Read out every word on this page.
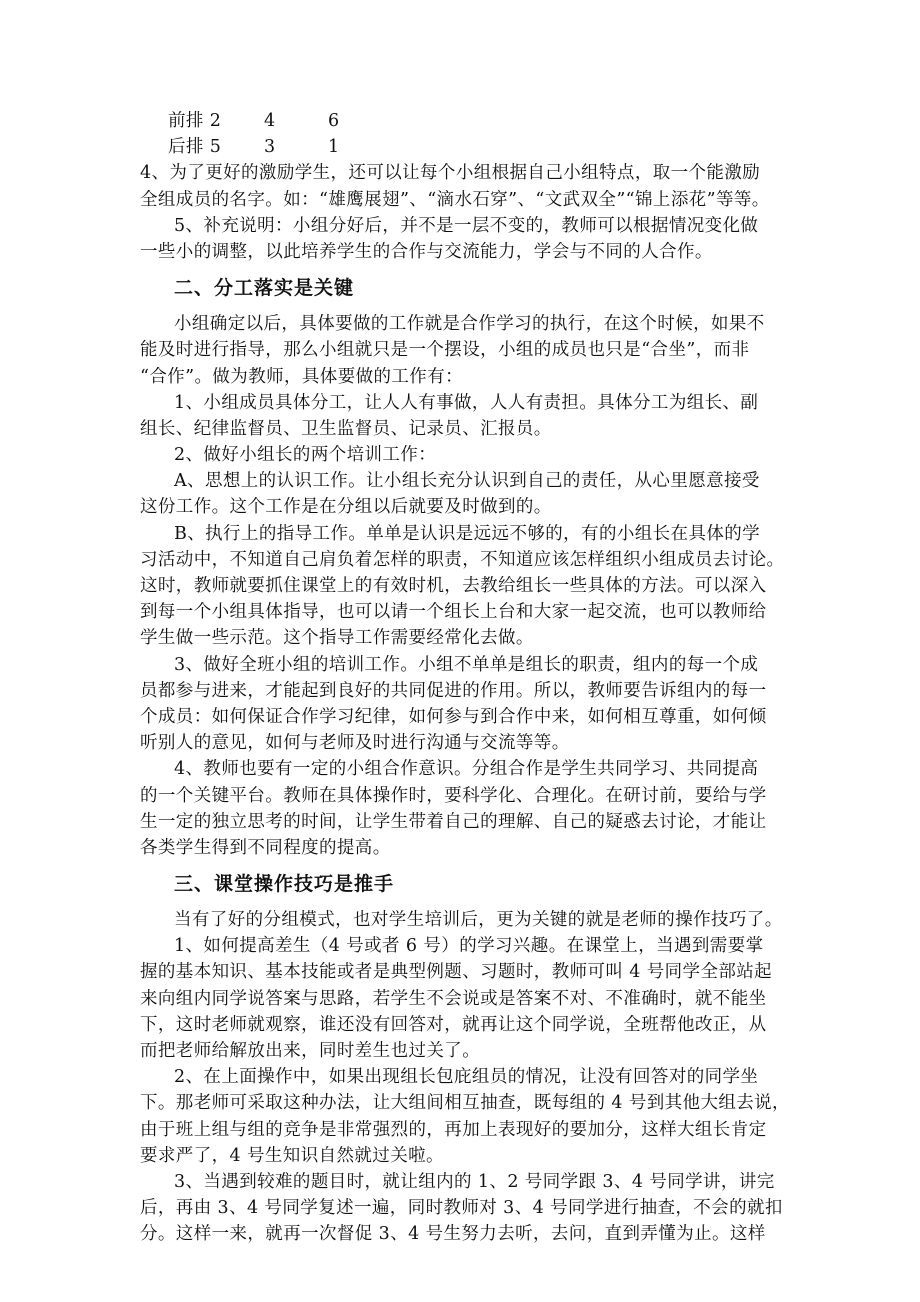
前排 2	4	6
后排 5	3	1
4、为了更好的激励学生，还可以让每个小组根据自己小组特点，取一个能激励
全组成员的名字。如：“雄鹰展翅”、“滴水石穿”、“文武双全”“锦上添花”等等。
5、补充说明：小组分好后，并不是一层不变的，教师可以根据情况变化做
一些小的调整，以此培养学生的合作与交流能力，学会与不同的人合作。
二、分工落实是关键
小组确定以后，具体要做的工作就是合作学习的执行，在这个时候，如果不
能及时进行指导，那么小组就只是一个摆设，小组的成员也只是“合坐”，而非
“合作”。做为教师，具体要做的工作有：
1、小组成员具体分工，让人人有事做，人人有责担。具体分工为组长、副
组长、纪律监督员、卫生监督员、记录员、汇报员。
2、做好小组长的两个培训工作：
A、思想上的认识工作。让小组长充分认识到自己的责任，从心里愿意接受
这份工作。这个工作是在分组以后就要及时做到的。
B、执行上的指导工作。单单是认识是远远不够的，有的小组长在具体的学
习活动中，不知道自己肩负着怎样的职责，不知道应该怎样组织小组成员去讨论。
这时，教师就要抓住课堂上的有效时机，去教给组长一些具体的方法。可以深入
到每一个小组具体指导，也可以请一个组长上台和大家一起交流，也可以教师给
学生做一些示范。这个指导工作需要经常化去做。
3、做好全班小组的培训工作。小组不单单是组长的职责，组内的每一个成
员都参与进来，才能起到良好的共同促进的作用。所以，教师要告诉组内的每一
个成员：如何保证合作学习纪律，如何参与到合作中来，如何相互尊重，如何倾
听别人的意见，如何与老师及时进行沟通与交流等等。
4、教师也要有一定的小组合作意识。分组合作是学生共同学习、共同提高
的一个关键平台。教师在具体操作时，要科学化、合理化。在研讨前，要给与学
生一定的独立思考的时间，让学生带着自己的理解、自己的疑惑去讨论，才能让
各类学生得到不同程度的提高。
三、课堂操作技巧是推手
当有了好的分组模式，也对学生培训后，更为关键的就是老师的操作技巧了。
1、如何提高差生（4 号或者 6 号）的学习兴趣。在课堂上，当遇到需要掌
握的基本知识、基本技能或者是典型例题、习题时，教师可叫 4 号同学全部站起
来向组内同学说答案与思路，若学生不会说或是答案不对、不准确时，就不能坐
下，这时老师就观察，谁还没有回答对，就再让这个同学说，全班帮他改正，从
而把老师给解放出来，同时差生也过关了。
2、在上面操作中，如果出现组长包庇组员的情况，让没有回答对的同学坐
下。那老师可采取这种办法，让大组间相互抽查，既每组的 4 号到其他大组去说，
由于班上组与组的竞争是非常强烈的，再加上表现好的要加分，这样大组长肯定
要求严了，4 号生知识自然就过关啦。
3、当遇到较难的题目时，就让组内的 1、2 号同学跟 3、4 号同学讲，讲完
后，再由 3、4 号同学复述一遍，同时教师对 3、4 号同学进行抽查，不会的就扣
分。这样一来，就再一次督促 3、4 号生努力去听，去问，直到弄懂为止。这样
